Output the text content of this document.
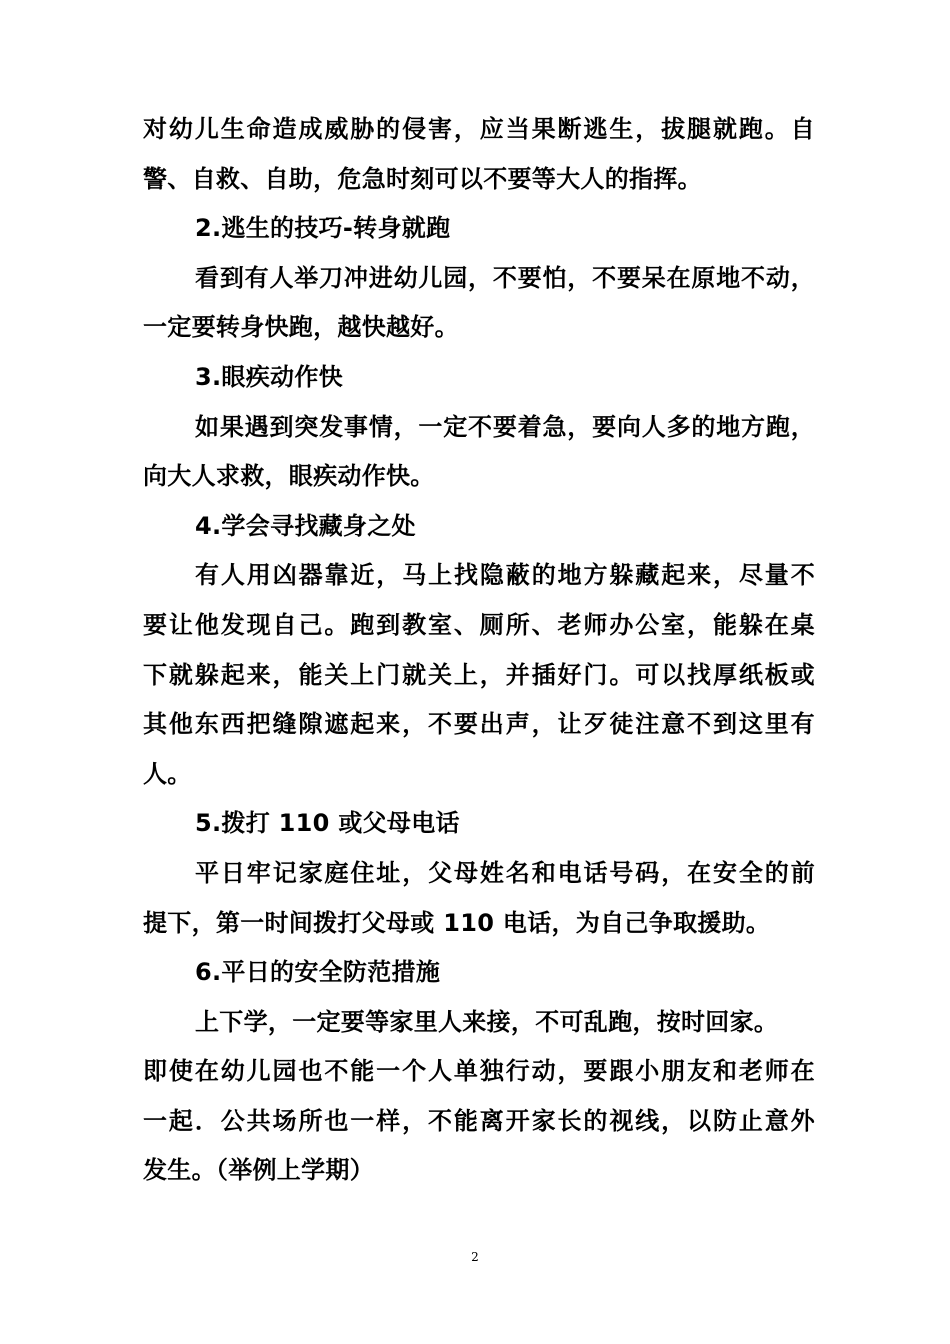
对幼儿生命造成威胁的侵害，应当果断逃生，拔腿就跑。自
警、自救、自助，危急时刻可以不要等大人的指挥。
2.逃生的技巧-转身就跑
看到有人举刀冲进幼儿园，不要怕，不要呆在原地不动，
一定要转身快跑，越快越好。
3.眼疾动作快
如果遇到突发事情，一定不要着急，要向人多的地方跑，
向大人求救，眼疾动作快。
4.学会寻找藏身之处
有人用凶器靠近，马上找隐蔽的地方躲藏起来，尽量不
要让他发现自己。跑到教室、厕所、老师办公室，能躲在桌
下就躲起来，能关上门就关上，并插好门。可以找厚纸板或
其他东西把缝隙遮起来，不要出声，让歹徒注意不到这里有
人。
5.拨打 110 或父母电话
平日牢记家庭住址，父母姓名和电话号码，在安全的前
提下，第一时间拨打父母或 110 电话，为自己争取援助。
6.平日的安全防范措施
上下学，一定要等家里人来接，不可乱跑，按时回家。
即使在幼儿园也不能一个人单独行动，要跟小朋友和老师在
一起．公共场所也一样，不能离开家长的视线，以防止意外
发生。（举例上学期）
2
